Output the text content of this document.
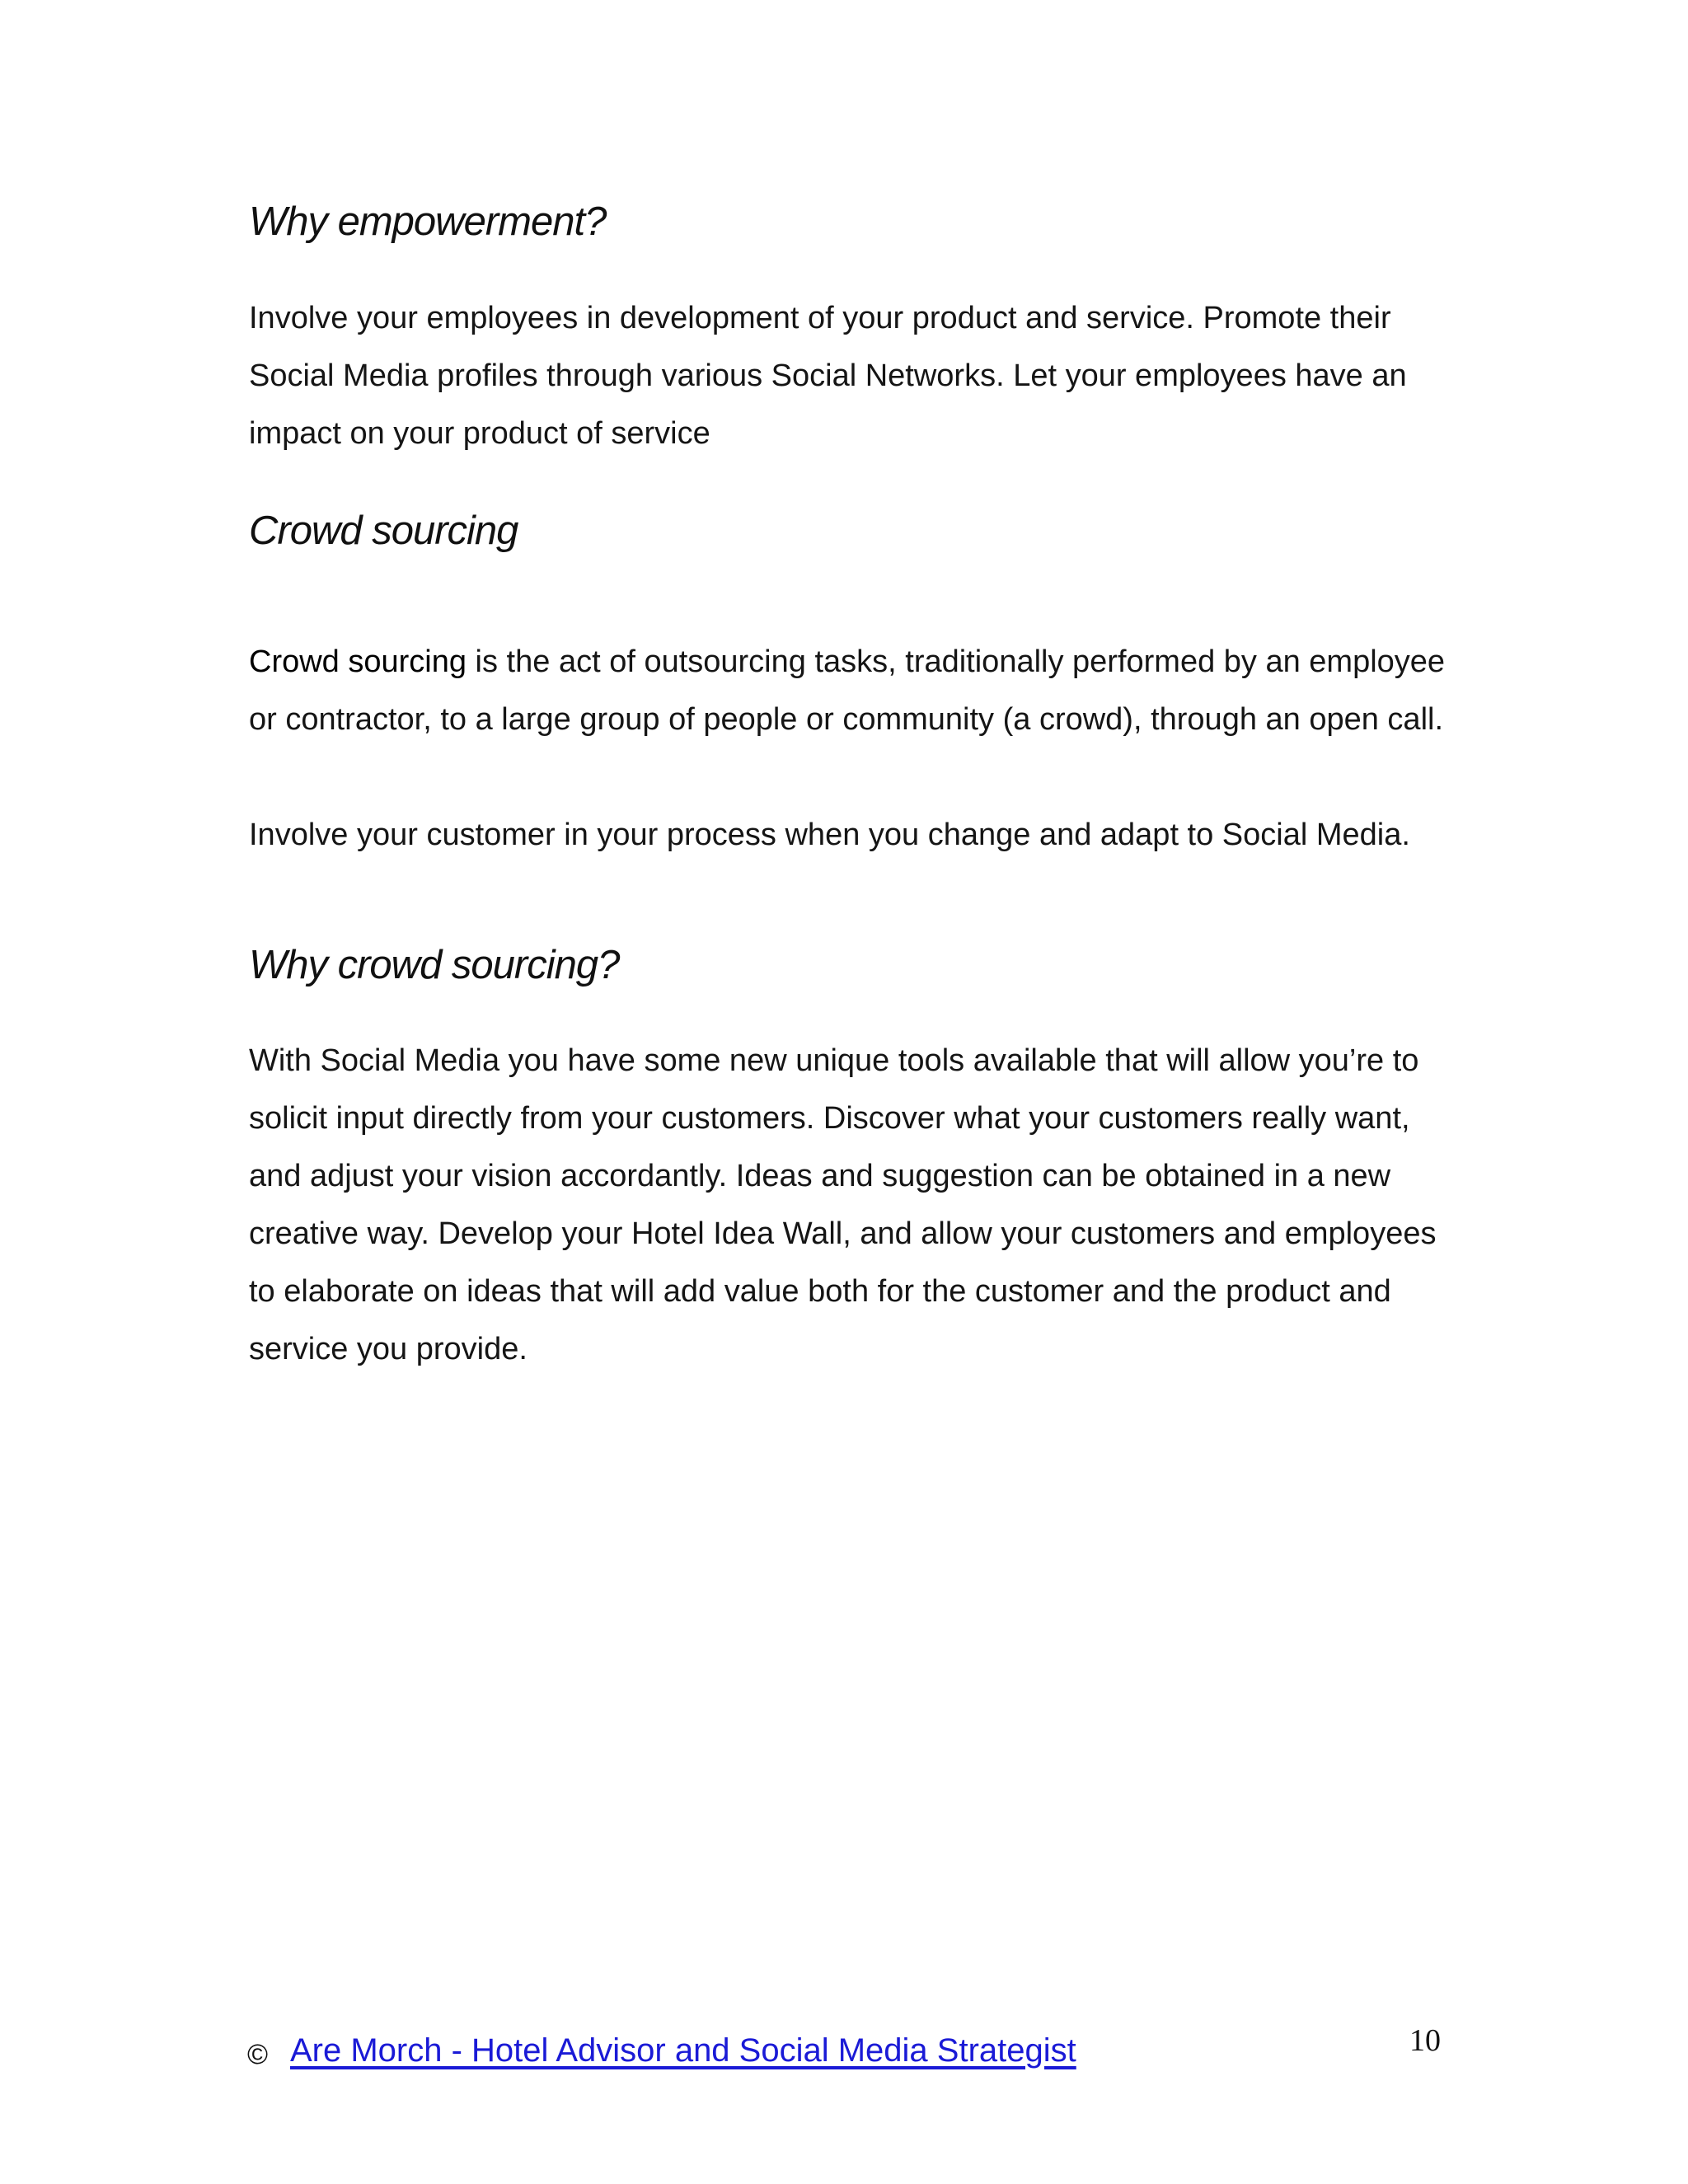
Why empowerment?

Involve your employees in development of your product and service. Promote their Social Media profiles through various Social Networks. Let your employees have an impact on your product of service

Crowd sourcing

Crowd sourcing is the act of outsourcing tasks, traditionally performed by an employee or contractor, to a large group of people or community (a crowd), through an open call.

Involve your customer in your process when you change and adapt to Social Media.

Why crowd sourcing?

With Social Media you have some new unique tools available that will allow you’re to solicit input directly from your customers. Discover what your customers really want, and adjust your vision accordantly. Ideas and suggestion can be obtained in a new creative way. Develop your Hotel Idea Wall, and allow your customers and employees to elaborate on ideas that will add value both for the customer and the product and service you provide.

© Are Morch - Hotel Advisor and Social Media Strategist	10
